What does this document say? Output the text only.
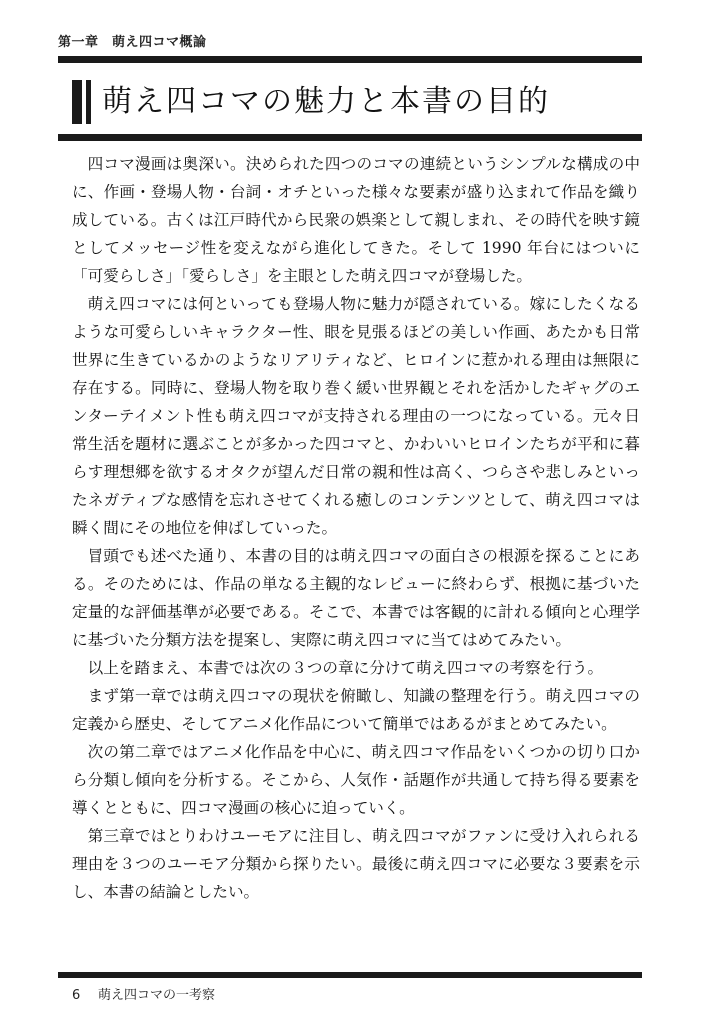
第一章　萌え四コマ概論
萌え四コマの魅力と本書の目的

四コマ漫画は奥深い。決められた四つのコマの連続というシンプルな構成の中に、作画・登場人物・台詞・オチといった様々な要素が盛り込まれて作品を織り成している。古くは江戸時代から民衆の娯楽として親しまれ、その時代を映す鏡としてメッセージ性を変えながら進化してきた。そして 1990 年台にはついに「可愛らしさ」「愛らしさ」を主眼とした萌え四コマが登場した。

萌え四コマには何といっても登場人物に魅力が隠されている。嫁にしたくなるような可愛らしいキャラクター性、眼を見張るほどの美しい作画、あたかも日常世界に生きているかのようなリアリティなど、ヒロインに惹かれる理由は無限に存在する。同時に、登場人物を取り巻く緩い世界観とそれを活かしたギャグのエンターテイメント性も萌え四コマが支持される理由の一つになっている。元々日常生活を題材に選ぶことが多かった四コマと、かわいいヒロインたちが平和に暮らす理想郷を欲するオタクが望んだ日常の親和性は高く、つらさや悲しみといったネガティブな感情を忘れさせてくれる癒しのコンテンツとして、萌え四コマは瞬く間にその地位を伸ばしていった。

冒頭でも述べた通り、本書の目的は萌え四コマの面白さの根源を探ることにある。そのためには、作品の単なる主観的なレビューに終わらず、根拠に基づいた定量的な評価基準が必要である。そこで、本書では客観的に計れる傾向と心理学に基づいた分類方法を提案し、実際に萌え四コマに当てはめてみたい。

以上を踏まえ、本書では次の３つの章に分けて萌え四コマの考察を行う。

まず第一章では萌え四コマの現状を俯瞰し、知識の整理を行う。萌え四コマの定義から歴史、そしてアニメ化作品について簡単ではあるがまとめてみたい。

次の第二章ではアニメ化作品を中心に、萌え四コマ作品をいくつかの切り口から分類し傾向を分析する。そこから、人気作・話題作が共通して持ち得る要素を導くとともに、四コマ漫画の核心に迫っていく。

第三章ではとりわけユーモアに注目し、萌え四コマがファンに受け入れられる理由を３つのユーモア分類から探りたい。最後に萌え四コマに必要な３要素を示し、本書の結論としたい。

6 萌え四コマの一考察
